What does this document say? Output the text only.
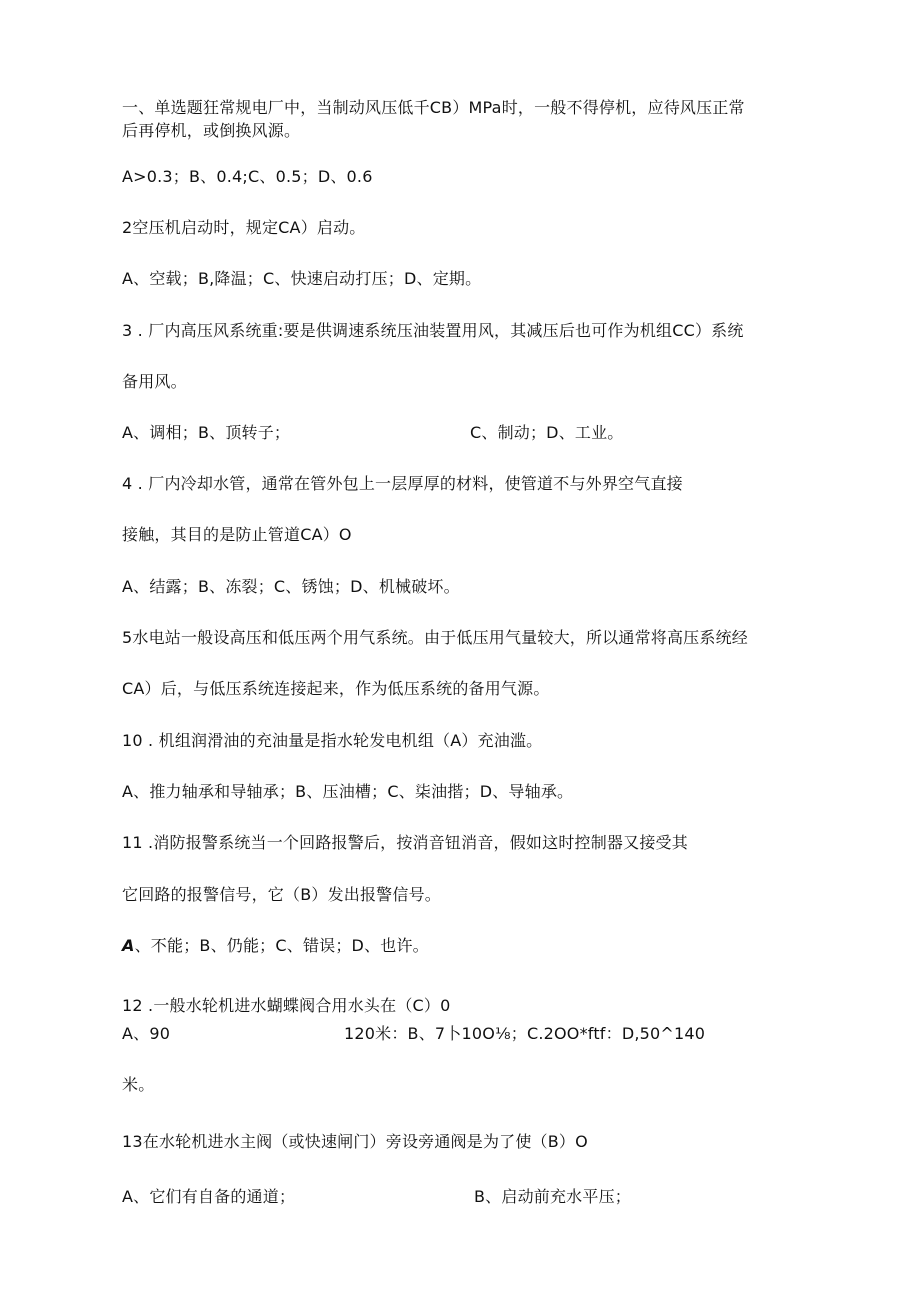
一、单选题狂常规电厂中，当制动风压低千CB）MPa时，一般不得停机，应待风压正常
后再停机，或倒换风源。
A>0.3；B、0.4;C、0.5；D、0.6
2空压机启动时，规定CA）启动。
A、空载；B,降温；C、快速启动打压；D、定期。
3 . 厂内高压风系统重:要是供调速系统压油装置用风，其减压后也可作为机组CC）系统
备用风。
A、调相；B、顶转子；	C、制动；D、工业。
4 . 厂内冷却水管，通常在管外包上一层厚厚的材料，使管道不与外界空气直接
接触，其目的是防止管道CA）O
A、结露；B、冻裂；C、锈蚀；D、机械破坏。
5水电站一般设高压和低压两个用气系统。由于低压用气量较大，所以通常将高压系统经
CA）后，与低压系统连接起来，作为低压系统的备用气源。
10 . 机组润滑油的充油量是指水轮发电机组（A）充油滥。
A、推力轴承和导轴承；B、压油槽；C、柒油揩；D、导轴承。
11 .消防报警系统当一个回路报警后，按消音钮消音，假如这时控制器又接受其
它回路的报警信号，它（B）发出报警信号。
A、不能；B、仍能；C、错误；D、也许。
12 .一般水轮机进水蝴蝶阀合用水头在（C）0
A、90	120米：B、7卜10O⅛；C.2OO*ftf：D,50^140
米。
13在水轮机进水主阀（或快速闸门）旁设旁通阀是为了使（B）O
A、它们有自备的通道；	B、启动前充水平压；
